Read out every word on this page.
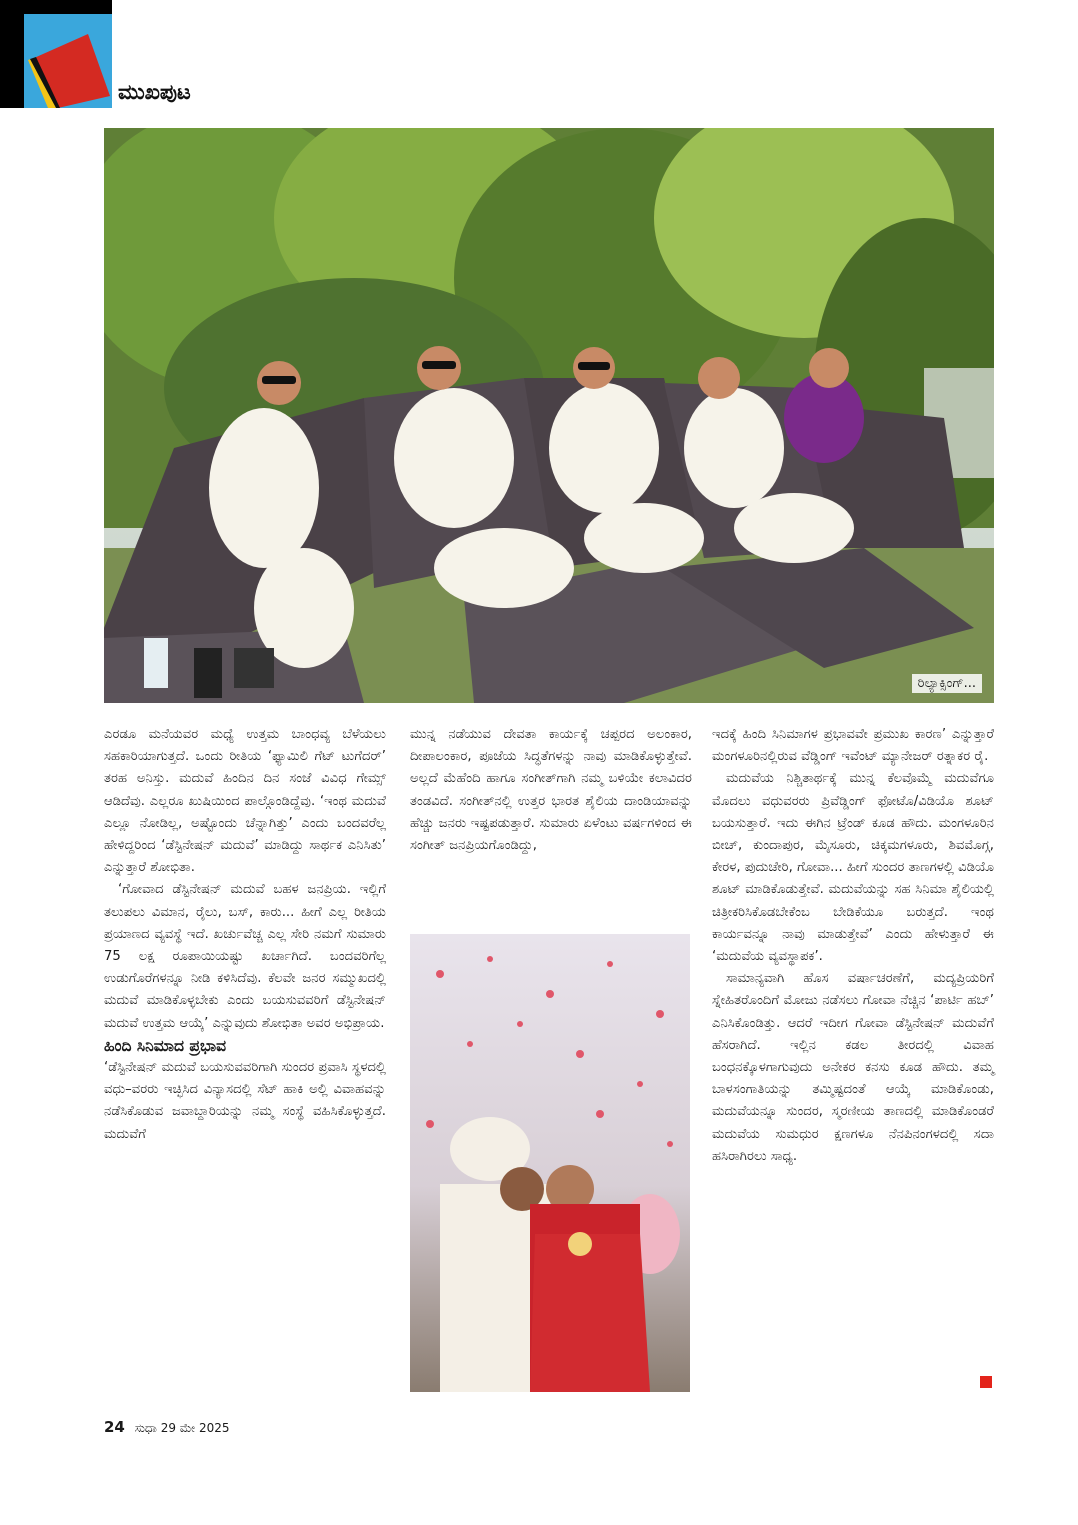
ಮುಖಪುಟ
ರಿಲ್ಯಾಕ್ಸಿಂಗ್...

ಎರಡೂ ಮನೆಯವರ ಮಧ್ಯೆ ಉತ್ತಮ ಬಾಂಧವ್ಯ ಬೆಳೆಯಲು ಸಹಕಾರಿಯಾಗುತ್ತದೆ. ಒಂದು ರೀತಿಯ ‘ಫ್ಯಾಮಿಲಿ ಗೆಟ್ ಟುಗೆದರ್’ ತರಹ ಅನಿಸ್ತು. ಮದುವೆ ಹಿಂದಿನ ದಿನ ಸಂಜೆ ವಿವಿಧ ಗೇಮ್ಸ್ ಆಡಿದೆವು. ಎಲ್ಲರೂ ಖುಷಿಯಿಂದ ಪಾಲ್ಗೊಂಡಿದ್ದೆವು. ‘ಇಂಥ ಮದುವೆ ಎಲ್ಲೂ ನೋಡಿಲ್ಲ, ಅಷ್ಟೊಂದು ಚೆನ್ನಾಗಿತ್ತು’ ಎಂದು ಬಂದವರೆಲ್ಲ ಹೇಳಿದ್ದರಿಂದ ‘ಡೆಸ್ಟಿನೇಷನ್ ಮದುವೆ’ ಮಾಡಿದ್ದು ಸಾರ್ಥಕ ಎನಿಸಿತು’ ಎನ್ನುತ್ತಾರೆ ಶೋಭಿತಾ.

‘ಗೋವಾದ ಡೆಸ್ಟಿನೇಷನ್ ಮದುವೆ ಬಹಳ ಜನಪ್ರಿಯ. ಇಲ್ಲಿಗೆ ತಲುಪಲು ವಿಮಾನ, ರೈಲು, ಬಸ್, ಕಾರು... ಹೀಗೆ ಎಲ್ಲ ರೀತಿಯ ಪ್ರಯಾಣದ ವ್ಯವಸ್ಥೆ ಇದೆ. ಖರ್ಚುವೆಚ್ಚ ಎಲ್ಲ ಸೇರಿ ನಮಗೆ ಸುಮಾರು 75 ಲಕ್ಷ ರೂಪಾಯಿಯಷ್ಟು ಖರ್ಚಾಗಿದೆ. ಬಂದವರಿಗೆಲ್ಲ ಉಡುಗೊರೆಗಳನ್ನೂ ನೀಡಿ ಕಳಿಸಿದೆವು. ಕೆಲವೇ ಜನರ ಸಮ್ಮುಖದಲ್ಲಿ ಮದುವೆ ಮಾಡಿಕೊಳ್ಳಬೇಕು ಎಂದು ಬಯಸುವವರಿಗೆ ಡೆಸ್ಟಿನೇಷನ್ ಮದುವೆ ಉತ್ತಮ ಆಯ್ಕೆ’ ಎನ್ನುವುದು ಶೋಭಿತಾ ಅವರ ಅಭಿಪ್ರಾಯ.

ಹಿಂದಿ ಸಿನಿಮಾದ ಪ್ರಭಾವ

‘ಡೆಸ್ಟಿನೇಷನ್ ಮದುವೆ ಬಯಸುವವರಿಗಾಗಿ ಸುಂದರ ಪ್ರವಾಸಿ ಸ್ಥಳದಲ್ಲಿ ವಧು–ವರರು ಇಚ್ಛಿಸಿದ ವಿನ್ಯಾಸದಲ್ಲಿ ಸೆಟ್ ಹಾಕಿ ಅಲ್ಲಿ ವಿವಾಹವನ್ನು ನಡೆಸಿಕೊಡುವ ಜವಾಬ್ದಾರಿಯನ್ನು ನಮ್ಮ ಸಂಸ್ಥೆ ವಹಿಸಿಕೊಳ್ಳುತ್ತದೆ. ಮದುವೆಗೆ

ಮುನ್ನ ನಡೆಯುವ ದೇವತಾ ಕಾರ್ಯಕ್ಕೆ ಚಪ್ಪರದ ಅಲಂಕಾರ, ದೀಪಾಲಂಕಾರ, ಪೂಜೆಯ ಸಿದ್ಧತೆಗಳನ್ನು ನಾವು ಮಾಡಿಕೊಳ್ಳುತ್ತೇವೆ. ಅಲ್ಲದೆ ಮೆಹೆಂದಿ ಹಾಗೂ ಸಂಗೀತ್‌ಗಾಗಿ ನಮ್ಮ ಬಳಿಯೇ ಕಲಾವಿದರ ತಂಡವಿದೆ. ಸಂಗೀತ್‌ನಲ್ಲಿ ಉತ್ತರ ಭಾರತ ಶೈಲಿಯ ದಾಂಡಿಯಾವನ್ನು ಹೆಚ್ಚು ಜನರು ಇಷ್ಟಪಡುತ್ತಾರೆ. ಸುಮಾರು ಏಳೆಂಟು ವರ್ಷಗಳಿಂದ ಈ ಸಂಗೀತ್ ಜನಪ್ರಿಯಗೊಂಡಿದ್ದು,

ಇದಕ್ಕೆ ಹಿಂದಿ ಸಿನಿಮಾಗಳ ಪ್ರಭಾವವೇ ಪ್ರಮುಖ ಕಾರಣ’ ಎನ್ನುತ್ತಾರೆ ಮಂಗಳೂರಿನಲ್ಲಿರುವ ವೆಡ್ಡಿಂಗ್ ಇವೆಂಟ್ ಮ್ಯಾನೇಜರ್ ರತ್ನಾಕರ ರೈ.

ಮದುವೆಯ ನಿಶ್ಚಿತಾರ್ಥಕ್ಕೆ ಮುನ್ನ ಕೆಲವೊಮ್ಮೆ ಮದುವೆಗೂ ಮೊದಲು ವಧುವರರು ಪ್ರಿವೆಡ್ಡಿಂಗ್ ಫೋಟೊ/ವಿಡಿಯೊ ಶೂಟ್ ಬಯಸುತ್ತಾರೆ. ಇದು ಈಗಿನ ಟ್ರೆಂಡ್ ಕೂಡ ಹೌದು. ಮಂಗಳೂರಿನ ಬೀಚ್, ಕುಂದಾಪುರ, ಮೈಸೂರು, ಚಿಕ್ಕಮಗಳೂರು, ಶಿವಮೊಗ್ಗ, ಕೇರಳ, ಪುದುಚೇರಿ, ಗೋವಾ... ಹೀಗೆ ಸುಂದರ ತಾಣಗಳಲ್ಲಿ ವಿಡಿಯೊ ಶೂಟ್ ಮಾಡಿಕೊಡುತ್ತೇವೆ. ಮದುವೆಯನ್ನು ಸಹ ಸಿನಿಮಾ ಶೈಲಿಯಲ್ಲಿ ಚಿತ್ರೀಕರಿಸಿಕೊಡಬೇಕೆಂಬ ಬೇಡಿಕೆಯೂ ಬರುತ್ತದೆ. ಇಂಥ ಕಾರ್ಯವನ್ನೂ ನಾವು ಮಾಡುತ್ತೇವೆ’ ಎಂದು ಹೇಳುತ್ತಾರೆ ಈ ‘ಮದುವೆಯ ವ್ಯವಸ್ಥಾಪಕ’.

ಸಾಮಾನ್ಯವಾಗಿ ಹೊಸ ವರ್ಷಾಚರಣೆಗೆ, ಮದ್ಯಪ್ರಿಯರಿಗೆ ಸ್ನೇಹಿತರೊಂದಿಗೆ ಮೋಜು ನಡೆಸಲು ಗೋವಾ ನೆಚ್ಚಿನ ‘ಪಾರ್ಟಿ ಹಬ್’ ಎನಿಸಿಕೊಂಡಿತ್ತು. ಆದರೆ ಇದೀಗ ಗೋವಾ ಡೆಸ್ಟಿನೇಷನ್ ಮದುವೆಗೆ ಹೆಸರಾಗಿದೆ. ಇಲ್ಲಿನ ಕಡಲ ತೀರದಲ್ಲಿ ವಿವಾಹ ಬಂಧನಕ್ಕೊಳಗಾಗುವುದು ಅನೇಕರ ಕನಸು ಕೂಡ ಹೌದು. ತಮ್ಮ ಬಾಳಸಂಗಾತಿಯನ್ನು ತಮ್ಮಿಷ್ಟದಂತೆ ಆಯ್ಕೆ ಮಾಡಿಕೊಂಡು, ಮದುವೆಯನ್ನೂ ಸುಂದರ, ಸ್ಮರಣೀಯ ತಾಣದಲ್ಲಿ ಮಾಡಿಕೊಂಡರೆ ಮದುವೆಯ ಸುಮಧುರ ಕ್ಷಣಗಳೂ ನೆನಪಿನಂಗಳದಲ್ಲಿ ಸದಾ ಹಸಿರಾಗಿರಲು ಸಾಧ್ಯ.

24 ಸುಧಾ 29 ಮೇ 2025
